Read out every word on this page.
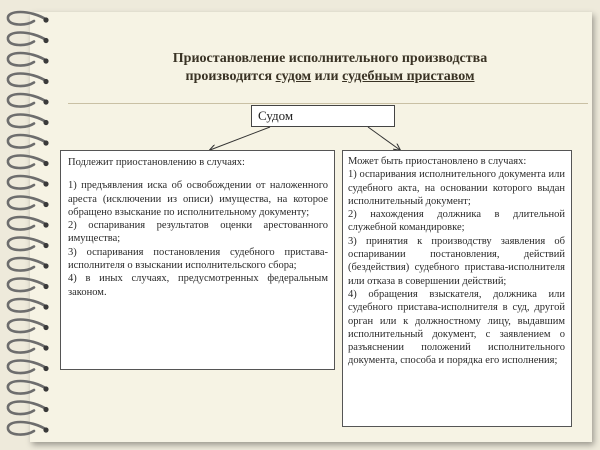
Приостановление исполнительного производства
производится судом или судебным приставом
Судом

Подлежит приостановлению в случаях:

1) предъявления иска об освобождении от наложенного ареста (исключении из описи) имущества, на которое обращено взыскание по исполнительному документу;

2) оспаривания результатов оценки арестованного имущества;

3) оспаривания постановления судебного пристава-исполнителя о взыскании исполнительского сбора;

4) в иных случаях, предусмотренных федеральным законом.

Может быть приостановлено в случаях:

1) оспаривания исполнительного документа или судебного акта, на основании которого выдан исполнительный документ;

2) нахождения должника в длительной служебной командировке;

3) принятия к производству заявления об оспаривании постановления, действий (бездействия) судебного пристава-исполнителя или отказа в совершении действий;

4) обращения взыскателя, должника или судебного пристава-исполнителя в суд, другой орган или к должностному лицу, выдавшим исполнительный документ, с заявлением о разъяснении положений исполнительного документа, способа и порядка его исполнения;
